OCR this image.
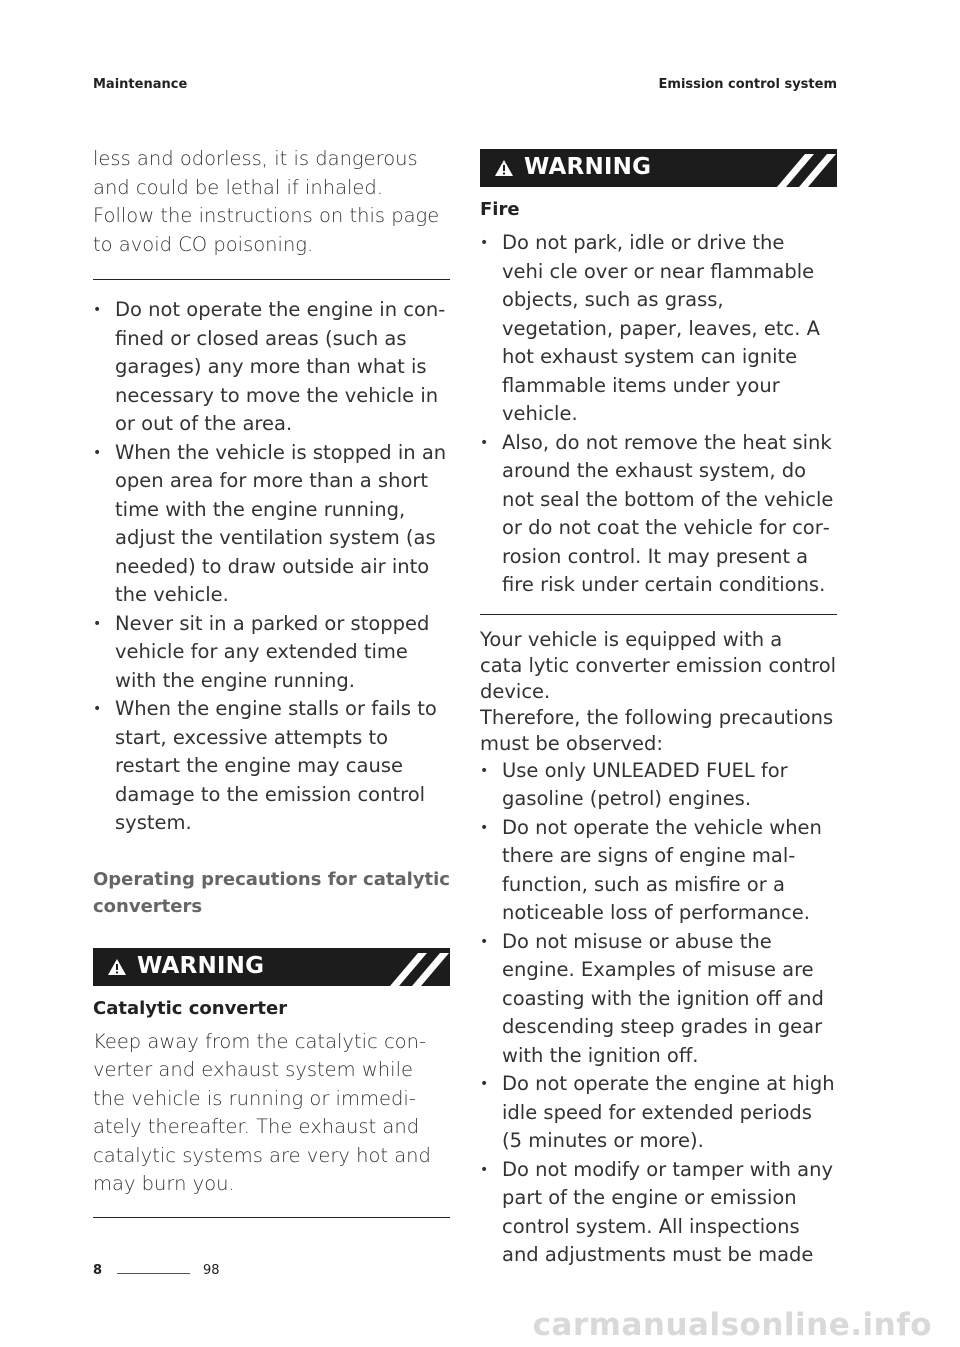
Maintenance	Emission control system

less and odorless, it is dangerous and could be lethal if inhaled. Follow the instructions on this page to avoid CO poisoning.

• Do not operate the engine in con fined or closed areas (such as garages) any more than what is necessary to move the vehicle in or out of the area.
• When the vehicle is stopped in an open area for more than a short time with the engine running, adjust the ventilation system (as needed) to draw outside air into the vehicle.
• Never sit in a parked or stopped vehicle for any extended time with the engine running.
• When the engine stalls or fails to start, excessive attempts to restart the engine may cause damage to the emission control system.
Operating precautions for catalytic converters
WARNING
Catalytic converter

Keep away from the catalytic con verter and exhaust system while the vehicle is running or immedi ately thereafter. The exhaust and catalytic systems are very hot and may burn you.

WARNING
Fire
• Do not park, idle or drive the vehi cle over or near flammable objects, such as grass, vegetation, paper, leaves, etc. A hot exhaust system can ignite flammable items under your vehicle.
• Also, do not remove the heat sink around the exhaust system, do not seal the bottom of the vehicle or do not coat the vehicle for cor rosion control. It may present a fire risk under certain conditions.

Your vehicle is equipped with a cata lytic converter emission control device.

Therefore, the following precautions must be observed:

• Use only UNLEADED FUEL for gasoline (petrol) engines.
• Do not operate the vehicle when there are signs of engine mal function, such as misfire or a noticeable loss of performance.
• Do not misuse or abuse the engine. Examples of misuse are coasting with the ignition off and descending steep grades in gear with the ignition off.
• Do not operate the engine at high idle speed for extended periods (5 minutes or more).
• Do not modify or tamper with any part of the engine or emission control system. All inspections and adjustments must be made
8	98
carmanualsonline.info
